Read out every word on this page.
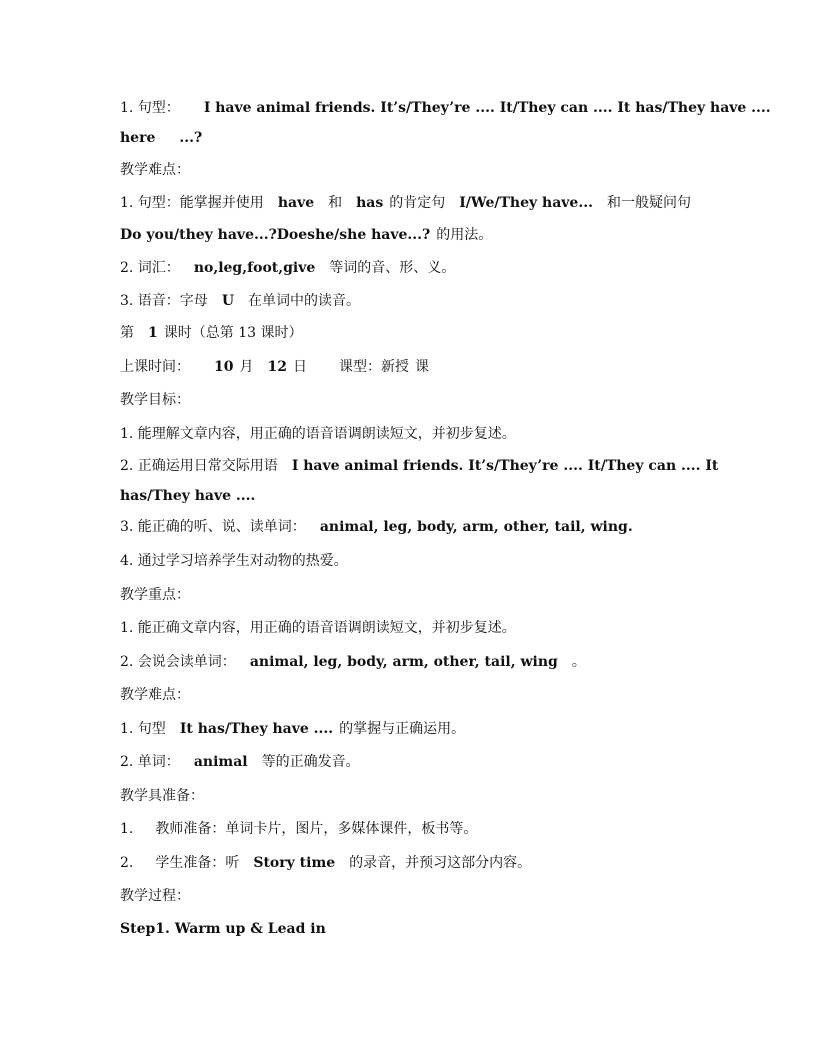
1. 句型： I have animal friends. It’s/They’re .... It/They can .... It has/They have ....
here ...?
教学难点：
1. 句型：能掌握并使用 have 和 has 的肯定句 I/We/They have... 和一般疑问句
Do you/they have...?Doeshe/she have...? 的用法。
2. 词汇： no,leg,foot,give 等词的音、形、义。
3. 语音：字母 U 在单词中的读音。
第 1 课时（总第 13 课时）
上课时间： 10 月 12 日 课型：新授 课
教学目标：
1. 能理解文章内容，用正确的语音语调朗读短文，并初步复述。
2. 正确运用日常交际用语 I have animal friends. It’s/They’re .... It/They can .... It
has/They have ....
3. 能正确的听、说、读单词： animal, leg, body, arm, other, tail, wing.
4. 通过学习培养学生对动物的热爱。
教学重点：
1. 能正确文章内容，用正确的语音语调朗读短文，并初步复述。
2. 会说会读单词： animal, leg, body, arm, other, tail, wing 。
教学难点：
1. 句型 It has/They have .... 的掌握与正确运用。
2. 单词： animal 等的正确发音。
教学具准备：
1. 教师准备：单词卡片，图片，多媒体课件，板书等。
2. 学生准备：听 Story time 的录音，并预习这部分内容。
教学过程：
Step1. Warm up & Lead in
